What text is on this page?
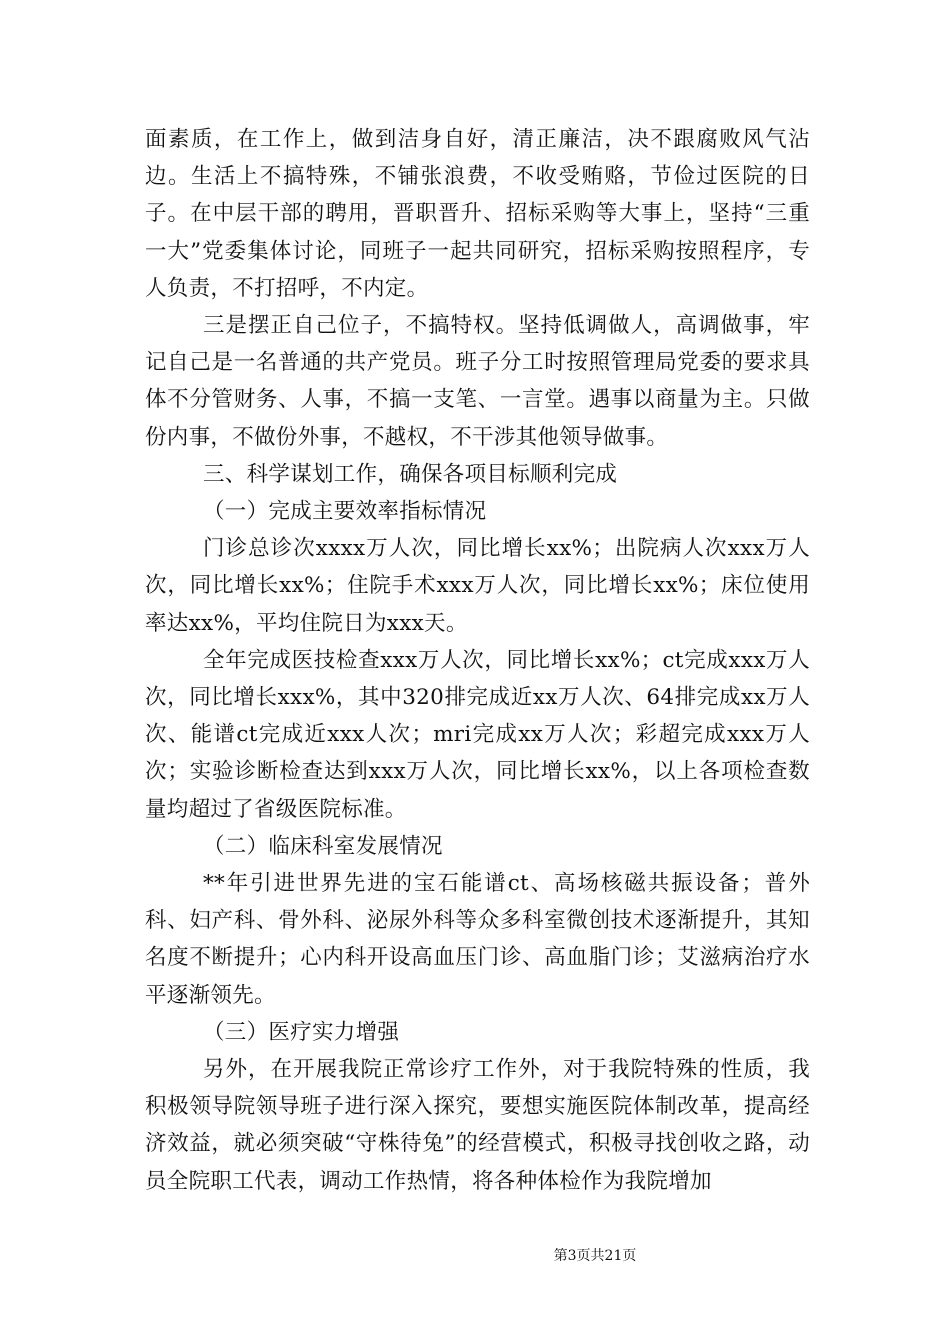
面素质，在工作上，做到洁身自好，清正廉洁，决不跟腐败风气沾边。生活上不搞特殊，不铺张浪费，不收受贿赂，节俭过医院的日子。在中层干部的聘用，晋职晋升、招标采购等大事上，坚持“三重一大”党委集体讨论，同班子一起共同研究，招标采购按照程序，专人负责，不打招呼，不内定。

三是摆正自己位子，不搞特权。坚持低调做人，高调做事，牢记自己是一名普通的共产党员。班子分工时按照管理局党委的要求具体不分管财务、人事，不搞一支笔、一言堂。遇事以商量为主。只做份内事，不做份外事，不越权，不干涉其他领导做事。

三、科学谋划工作，确保各项目标顺利完成

（一）完成主要效率指标情况

门诊总诊次xxxx万人次，同比增长xx%；出院病人次xxx万人次，同比增长xx%；住院手术xxx万人次，同比增长xx%；床位使用率达xx%，平均住院日为xxx天。

全年完成医技检查xxx万人次，同比增长xx%；ct完成xxx万人次，同比增长xxx%，其中320排完成近xx万人次、64排完成xx万人次、能谱ct完成近xxx人次；mri完成xx万人次；彩超完成xxx万人次；实验诊断检查达到xxx万人次，同比增长xx%，以上各项检查数量均超过了省级医院标准。

（二）临床科室发展情况

**年引进世界先进的宝石能谱ct、高场核磁共振设备；普外科、妇产科、骨外科、泌尿外科等众多科室微创技术逐渐提升，其知名度不断提升；心内科开设高血压门诊、高血脂门诊；艾滋病治疗水平逐渐领先。

（三）医疗实力增强

另外，在开展我院正常诊疗工作外，对于我院特殊的性质，我积极领导院领导班子进行深入探究，要想实施医院体制改革，提高经济效益，就必须突破“守株待兔”的经营模式，积极寻找创收之路，动员全院职工代表，调动工作热情，将各种体检作为我院增加

第3页共21页
